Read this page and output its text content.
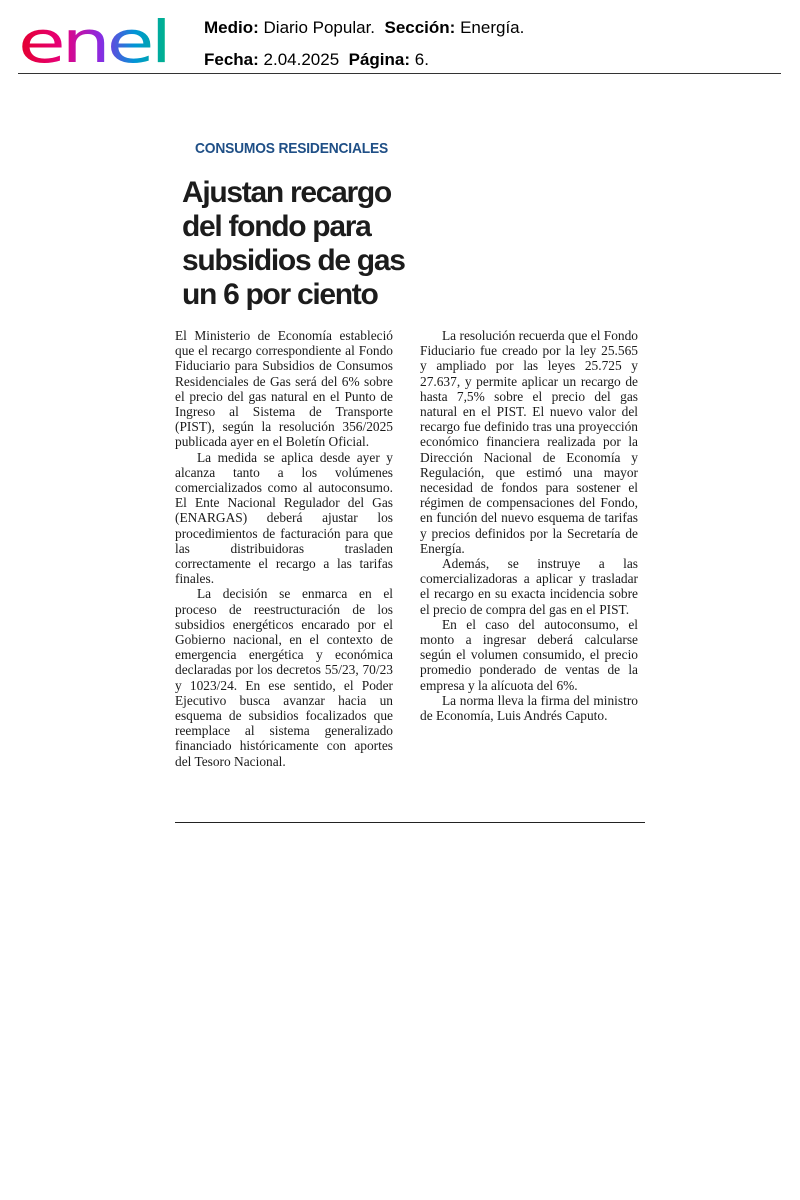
enel Medio: Diario Popular. Sección: Energía.
Fecha: 2.04.2025 Página: 6.
CONSUMOS RESIDENCIALES
Ajustan recargo del fondo para subsidios de gas un 6 por ciento

El Ministerio de Economía estableció que el recargo correspondiente al Fondo Fiduciario para Subsidios de Consumos Residenciales de Gas será del 6% sobre el precio del gas natural en el Punto de Ingreso al Sistema de Transporte (PIST), según la resolución 356/2025 publicada ayer en el Boletín Oficial.

La medida se aplica desde ayer y alcanza tanto a los volúmenes comercializados como al autoconsumo. El Ente Nacional Regulador del Gas (ENARGAS) deberá ajustar los procedimientos de facturación para que las distribuidoras trasladen correctamente el recargo a las tarifas finales.

La decisión se enmarca en el proceso de reestructuración de los subsidios energéticos encarado por el Gobierno nacional, en el contexto de emergencia energética y económica declaradas por los decretos 55/23, 70/23 y 1023/24. En ese sentido, el Poder Ejecutivo busca avanzar hacia un esquema de subsidios focalizados que reemplace al sistema generalizado financiado históricamente con aportes del Tesoro Nacional.

La resolución recuerda que el Fondo Fiduciario fue creado por la ley 25.565 y ampliado por las leyes 25.725 y 27.637, y permite aplicar un recargo de hasta 7,5% sobre el precio del gas natural en el PIST. El nuevo valor del recargo fue definido tras una proyección económico financiera realizada por la Dirección Nacional de Economía y Regulación, que estimó una mayor necesidad de fondos para sostener el régimen de compensaciones del Fondo, en función del nuevo esquema de tarifas y precios definidos por la Secretaría de Energía.

Además, se instruye a las comercializadoras a aplicar y trasladar el recargo en su exacta incidencia sobre el precio de compra del gas en el PIST.

En el caso del autoconsumo, el monto a ingresar deberá calcularse según el volumen consumido, el precio promedio ponderado de ventas de la empresa y la alícuota del 6%.

La norma lleva la firma del ministro de Economía, Luis Andrés Caputo.
